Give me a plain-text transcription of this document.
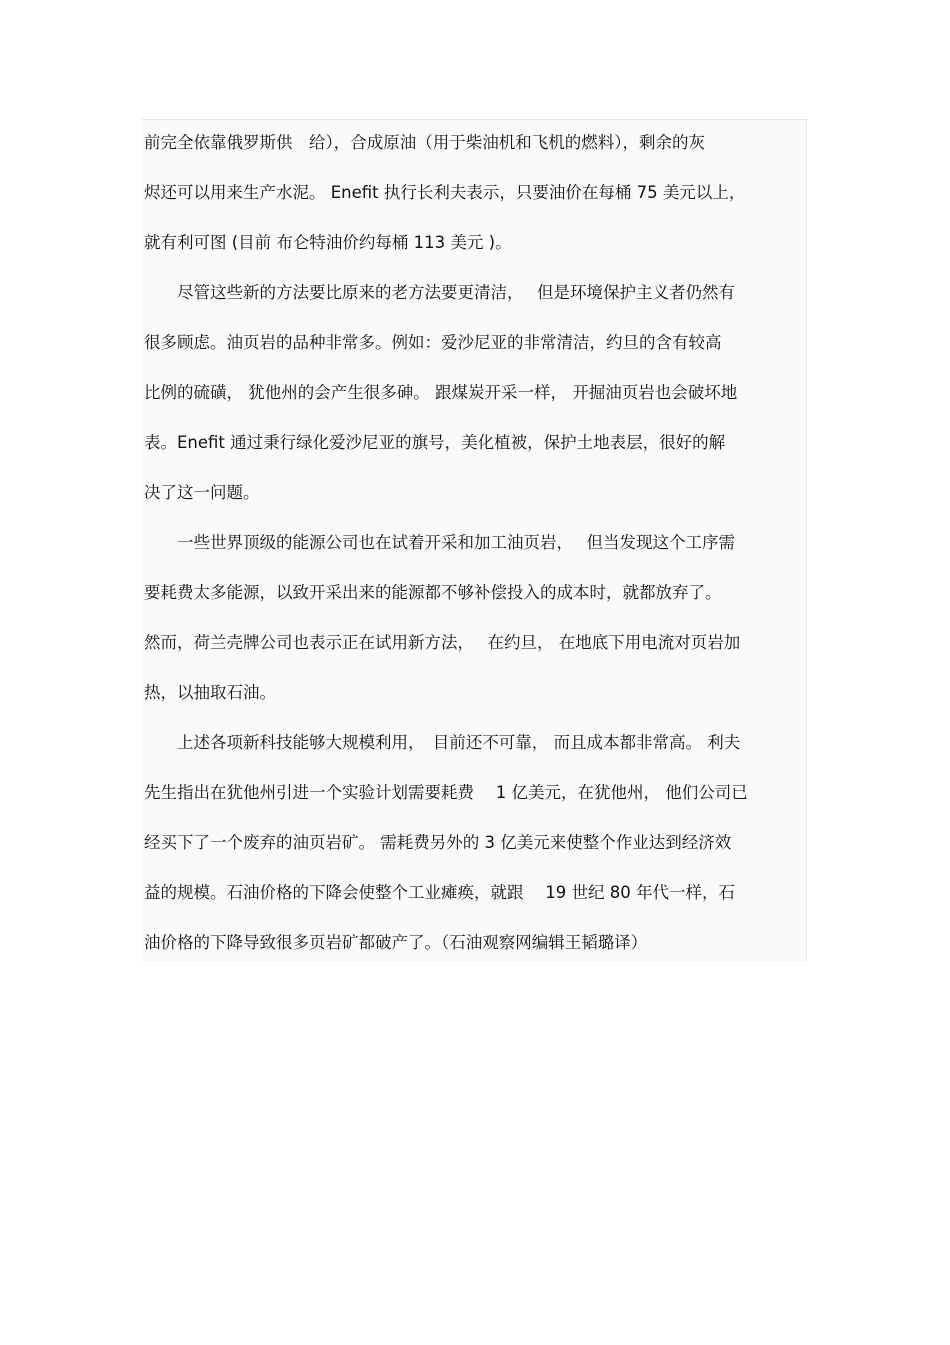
前完全依靠俄罗斯供　给），合成原油（用于柴油机和飞机的燃料），剩余的灰
烬还可以用来生产水泥。 Enefit 执行长利夫表示，只要油价在每桶 75 美元以上，
就有利可图 (目前 布仑特油价约每桶 113 美元 )。
　　尽管这些新的方法要比原来的老方法要更清洁，　 但是环境保护主义者仍然有
很多顾虑。油页岩的品种非常多。例如：爱沙尼亚的非常清洁，约旦的含有较高
比例的硫磺， 犹他州的会产生很多砷。 跟煤炭开采一样， 开掘油页岩也会破坏地
表。Enefit 通过秉行绿化爱沙尼亚的旗号，美化植被，保护土地表层，很好的解
决了这一问题。
　　一些世界顶级的能源公司也在试着开采和加工油页岩，　 但当发现这个工序需
要耗费太多能源，以致开采出来的能源都不够补偿投入的成本时，就都放弃了。
然而，荷兰壳牌公司也表示正在试用新方法，　 在约旦， 在地底下用电流对页岩加
热，以抽取石油。
　　上述各项新科技能够大规模利用，　目前还不可靠， 而且成本都非常高。 利夫
先生指出在犹他州引进一个实验计划需要耗费　 1 亿美元，在犹他州， 他们公司已
经买下了一个废弃的油页岩矿。 需耗费另外的 3 亿美元来使整个作业达到经济效
益的规模。石油价格的下降会使整个工业瘫痪，就跟　 19 世纪 80 年代一样，石
油价格的下降导致很多页岩矿都破产了。（石油观察网编辑王韬璐译）
